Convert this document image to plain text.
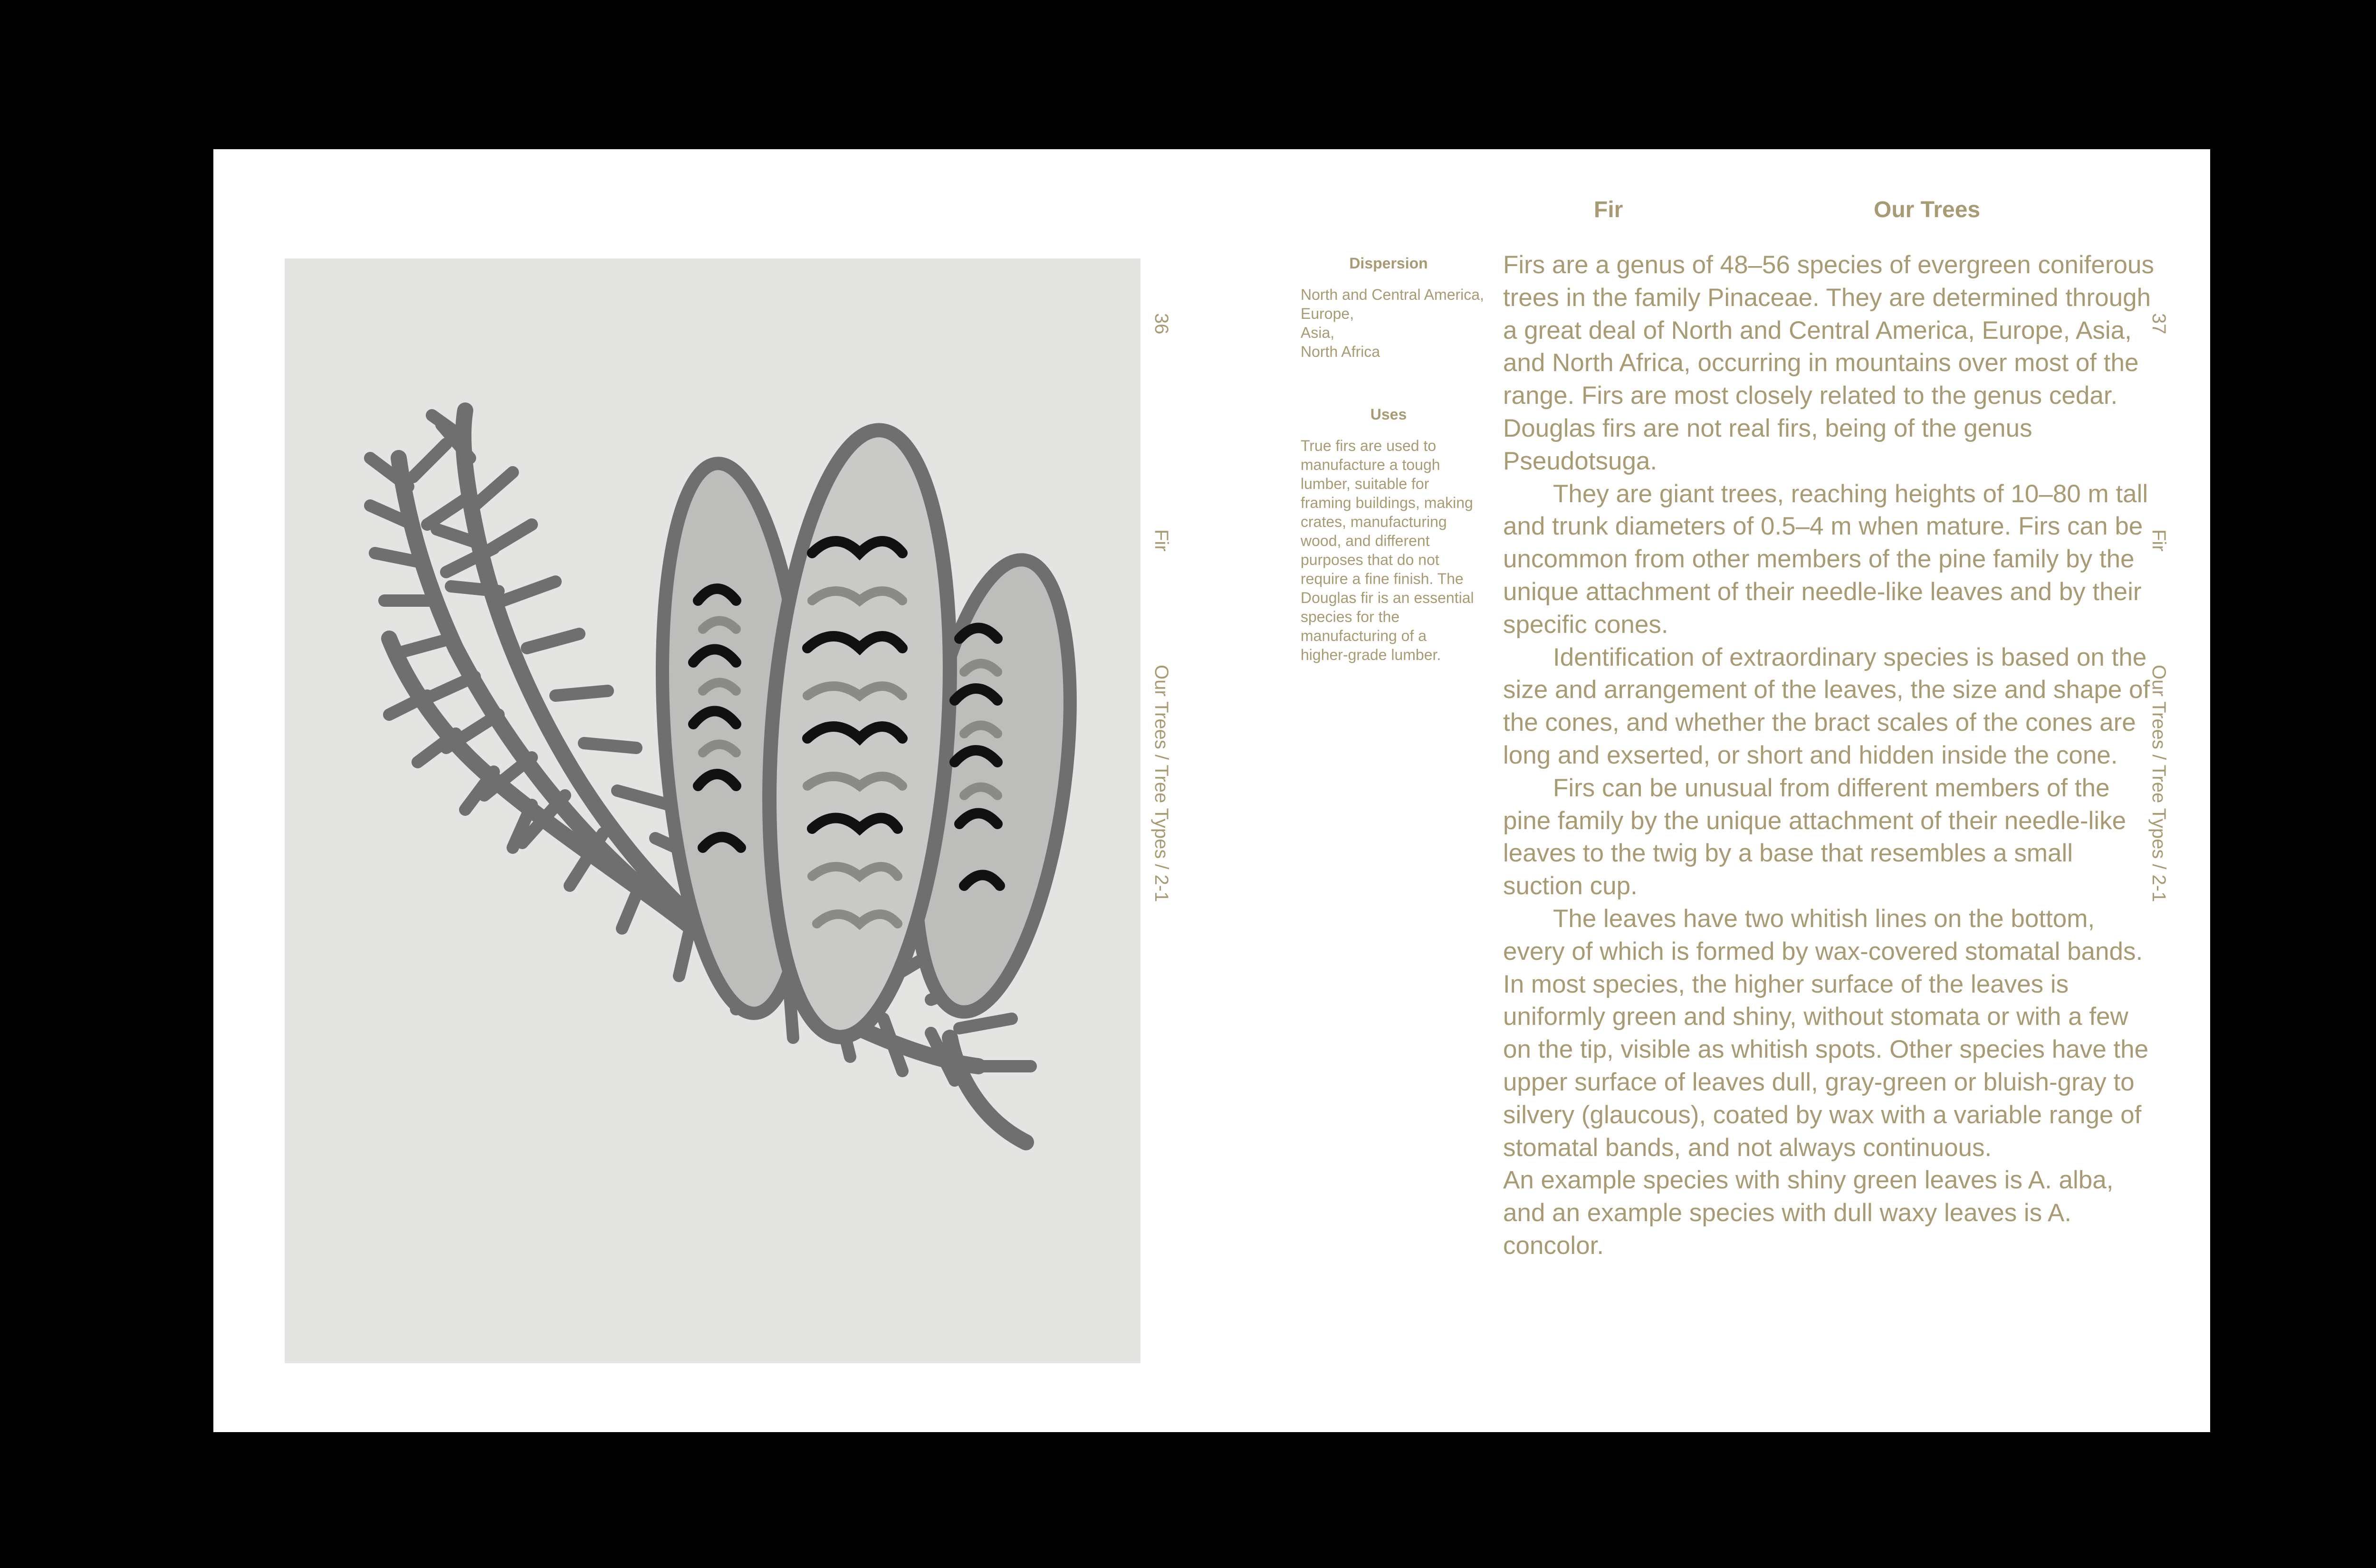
36
Fir
Our Trees / Tree Types / 2-1
Fir	Our Trees
Dispersion

North and Central America,
Europe,
Asia,
North Africa

Uses

True firs are used to manufacture a tough lumber, suitable for framing buildings, making crates, manufacturing wood, and different purposes that do not require a fine finish. The Douglas fir is an essential species for the manufacturing of a higher-grade lumber.

Firs are a genus of 48–56 species of evergreen coniferous trees in the family Pinaceae. They are determined through a great deal of North and Central America, Europe, Asia, and North Africa, occurring in mountains over most of the range. Firs are most closely related to the genus cedar. Douglas firs are not real firs, being of the genus Pseudotsuga.

They are giant trees, reaching heights of 10–80 m tall and trunk diameters of 0.5–4 m when mature. Firs can be uncommon from other members of the pine family by the unique attachment of their needle-like leaves and by their specific cones.

Identification of extraordinary species is based on the size and arrangement of the leaves, the size and shape of the cones, and whether the bract scales of the cones are long and exserted, or short and hidden inside the cone.

Firs can be unusual from different members of the pine family by the unique attachment of their needle-like leaves to the twig by a base that resembles a small suction cup.

The leaves have two whitish lines on the bottom, every of which is formed by wax-covered stomatal bands. In most species, the higher surface of the leaves is uniformly green and shiny, without stomata or with a few on the tip, visible as whitish spots. Other species have the upper surface of leaves dull, gray-green or bluish-gray to silvery (glaucous), coated by wax with a variable range of stomatal bands, and not always continuous.

An example species with shiny green leaves is A. alba, and an example species with dull waxy leaves is A. concolor.

37
Fir
Our Trees / Tree Types / 2-1
